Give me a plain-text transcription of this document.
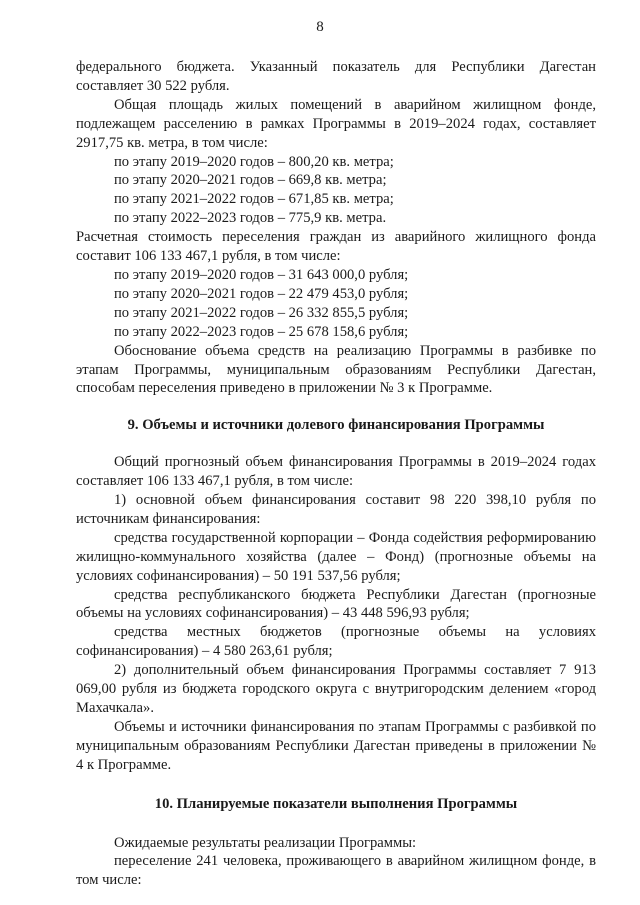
8

федерального бюджета. Указанный показатель для Республики Дагестан составляет 30 522 рубля.

Общая площадь жилых помещений в аварийном жилищном фонде, подлежащем расселению в рамках Программы в 2019–2024 годах, составляет 2917,75 кв. метра, в том числе:

по этапу 2019–2020 годов – 800,20 кв. метра;

по этапу 2020–2021 годов – 669,8 кв. метра;

по этапу 2021–2022 годов – 671,85 кв. метра;

по этапу 2022–2023 годов – 775,9 кв. метра.

Расчетная стоимость переселения граждан из аварийного жилищного фонда составит 106 133 467,1 рубля, в том числе:

по этапу 2019–2020 годов – 31 643 000,0 рубля;

по этапу 2020–2021 годов – 22 479 453,0 рубля;

по этапу 2021–2022 годов – 26 332 855,5 рубля;

по этапу 2022–2023 годов – 25 678 158,6 рубля;

Обоснование объема средств на реализацию Программы в разбивке по этапам Программы, муниципальным образованиям Республики Дагестан, способам переселения приведено в приложении № 3 к Программе.

9. Объемы и источники долевого финансирования Программы

Общий прогнозный объем финансирования Программы в 2019–2024 годах составляет 106 133 467,1 рубля, в том числе:

1) основной объем финансирования составит 98 220 398,10 рубля по источникам финансирования:

средства государственной корпорации – Фонда содействия реформированию жилищно-коммунального хозяйства (далее – Фонд) (прогнозные объемы на условиях софинансирования) – 50 191 537,56 рубля;

средства республиканского бюджета Республики Дагестан (прогнозные объемы на условиях софинансирования) – 43 448 596,93 рубля;

средства местных бюджетов (прогнозные объемы на условиях софинансирования) – 4 580 263,61 рубля;

2) дополнительный объем финансирования Программы составляет 7 913 069,00 рубля из бюджета городского округа с внутригородским делением «город Махачкала».

Объемы и источники финансирования по этапам Программы с разбивкой по муниципальным образованиям Республики Дагестан приведены в приложении № 4 к Программе.

10. Планируемые показатели выполнения Программы

Ожидаемые результаты реализации Программы:

переселение 241 человека, проживающего в аварийном жилищном фонде, в том числе:
